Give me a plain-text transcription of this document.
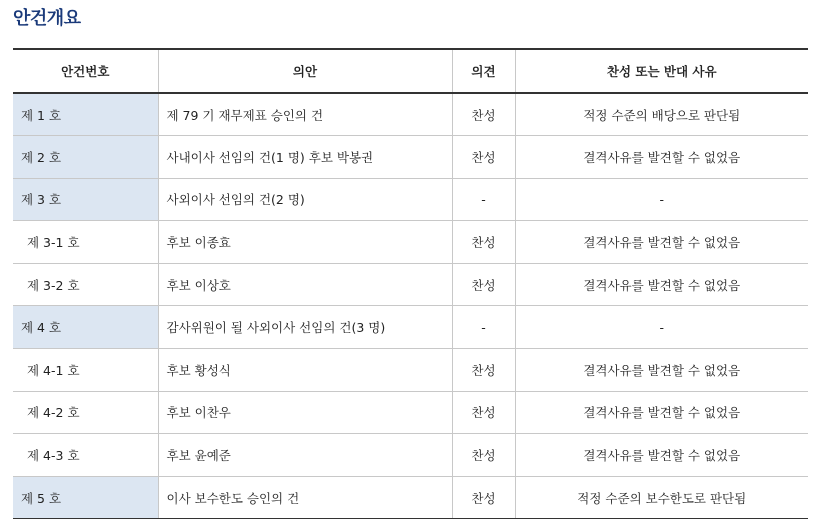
안건개요
안건번호	의안	의견	찬성 또는 반대 사유
제 1 호	제 79 기 재무제표 승인의 건	찬성	적정 수준의 배당으로 판단됨
제 2 호	사내이사 선임의 건(1 명) 후보 박봉권	찬성	결격사유를 발견할 수 없었음
제 3 호	사외이사 선임의 건(2 명)	-	-
제 3-1 호	후보 이종효	찬성	결격사유를 발견할 수 없었음
제 3-2 호	후보 이상호	찬성	결격사유를 발견할 수 없었음
제 4 호	감사위원이 될 사외이사 선임의 건(3 명)	-	-
제 4-1 호	후보 황성식	찬성	결격사유를 발견할 수 없었음
제 4-2 호	후보 이찬우	찬성	결격사유를 발견할 수 없었음
제 4-3 호	후보 윤예준	찬성	결격사유를 발견할 수 없었음
제 5 호	이사 보수한도 승인의 건	찬성	적정 수준의 보수한도로 판단됨
